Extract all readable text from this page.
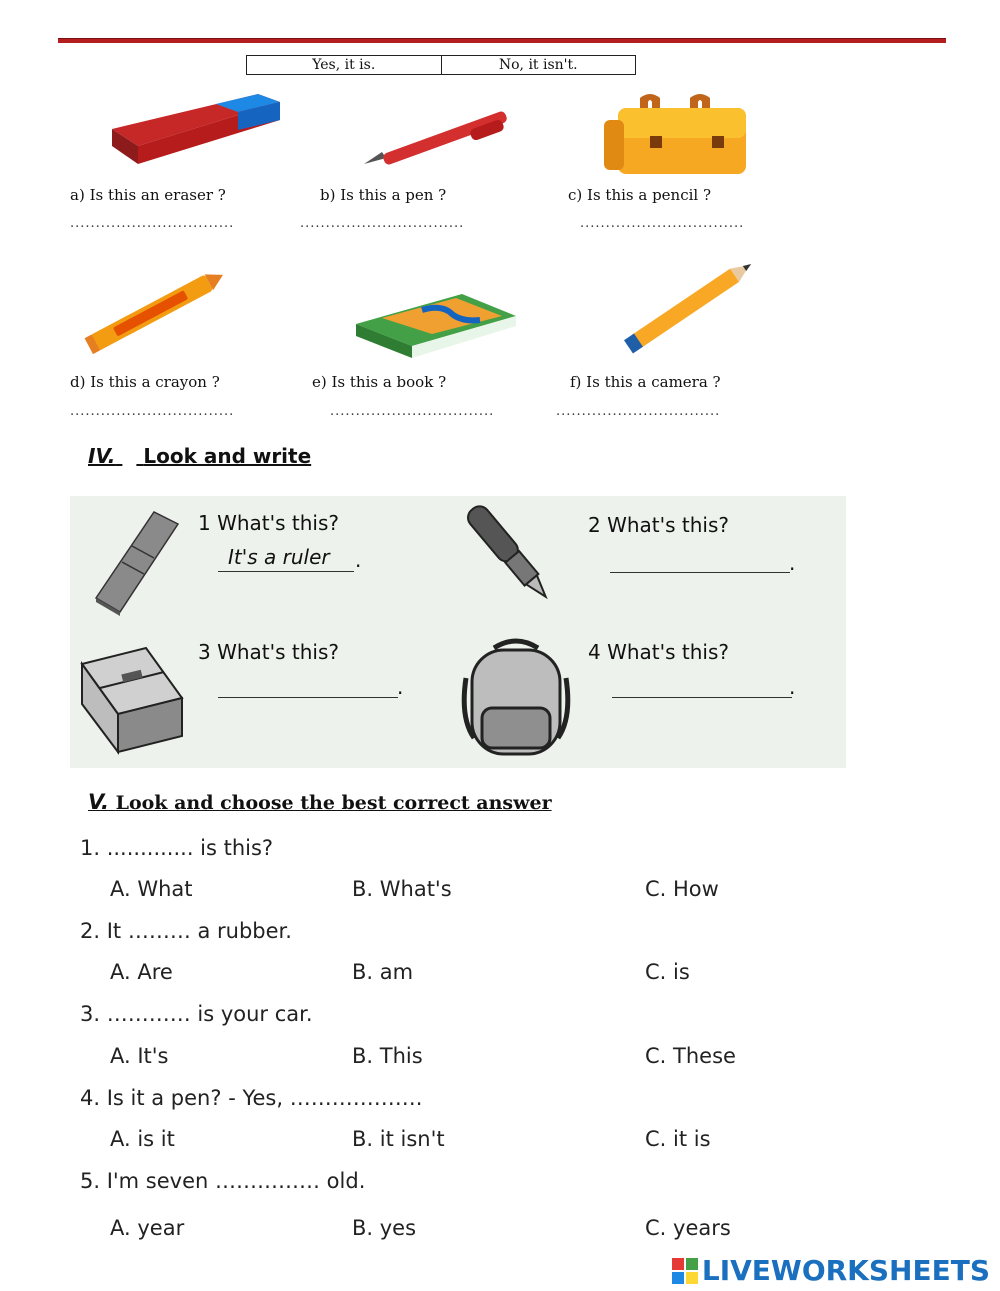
Yes, it is.	No, it isn't.
a) Is this an eraser ?	b) Is this a pen ?	c) Is this a pencil ?
................................	................................	................................
d) Is this a crayon ?	e) Is this a book ?	f) Is this a camera ?
................................	................................	................................
IV. Look and write
1 What's this?
It's a ruler .
2 What's this?
.
3 What's this?
.
4 What's this?
.
V. Look and choose the best correct answer
1. ............. is this?
A. What	B. What's	C. How
2. It ……… a rubber.
A. Are	B. am	C. is
3. ………… is your car.
A. It's	B. This	C. These
4. Is it a pen? - Yes, ……………….
A. is it	B. it isn't	C. it is
5. I'm seven …………… old.
A. year	B. yes	C. years
LIVEWORKSHEETS
